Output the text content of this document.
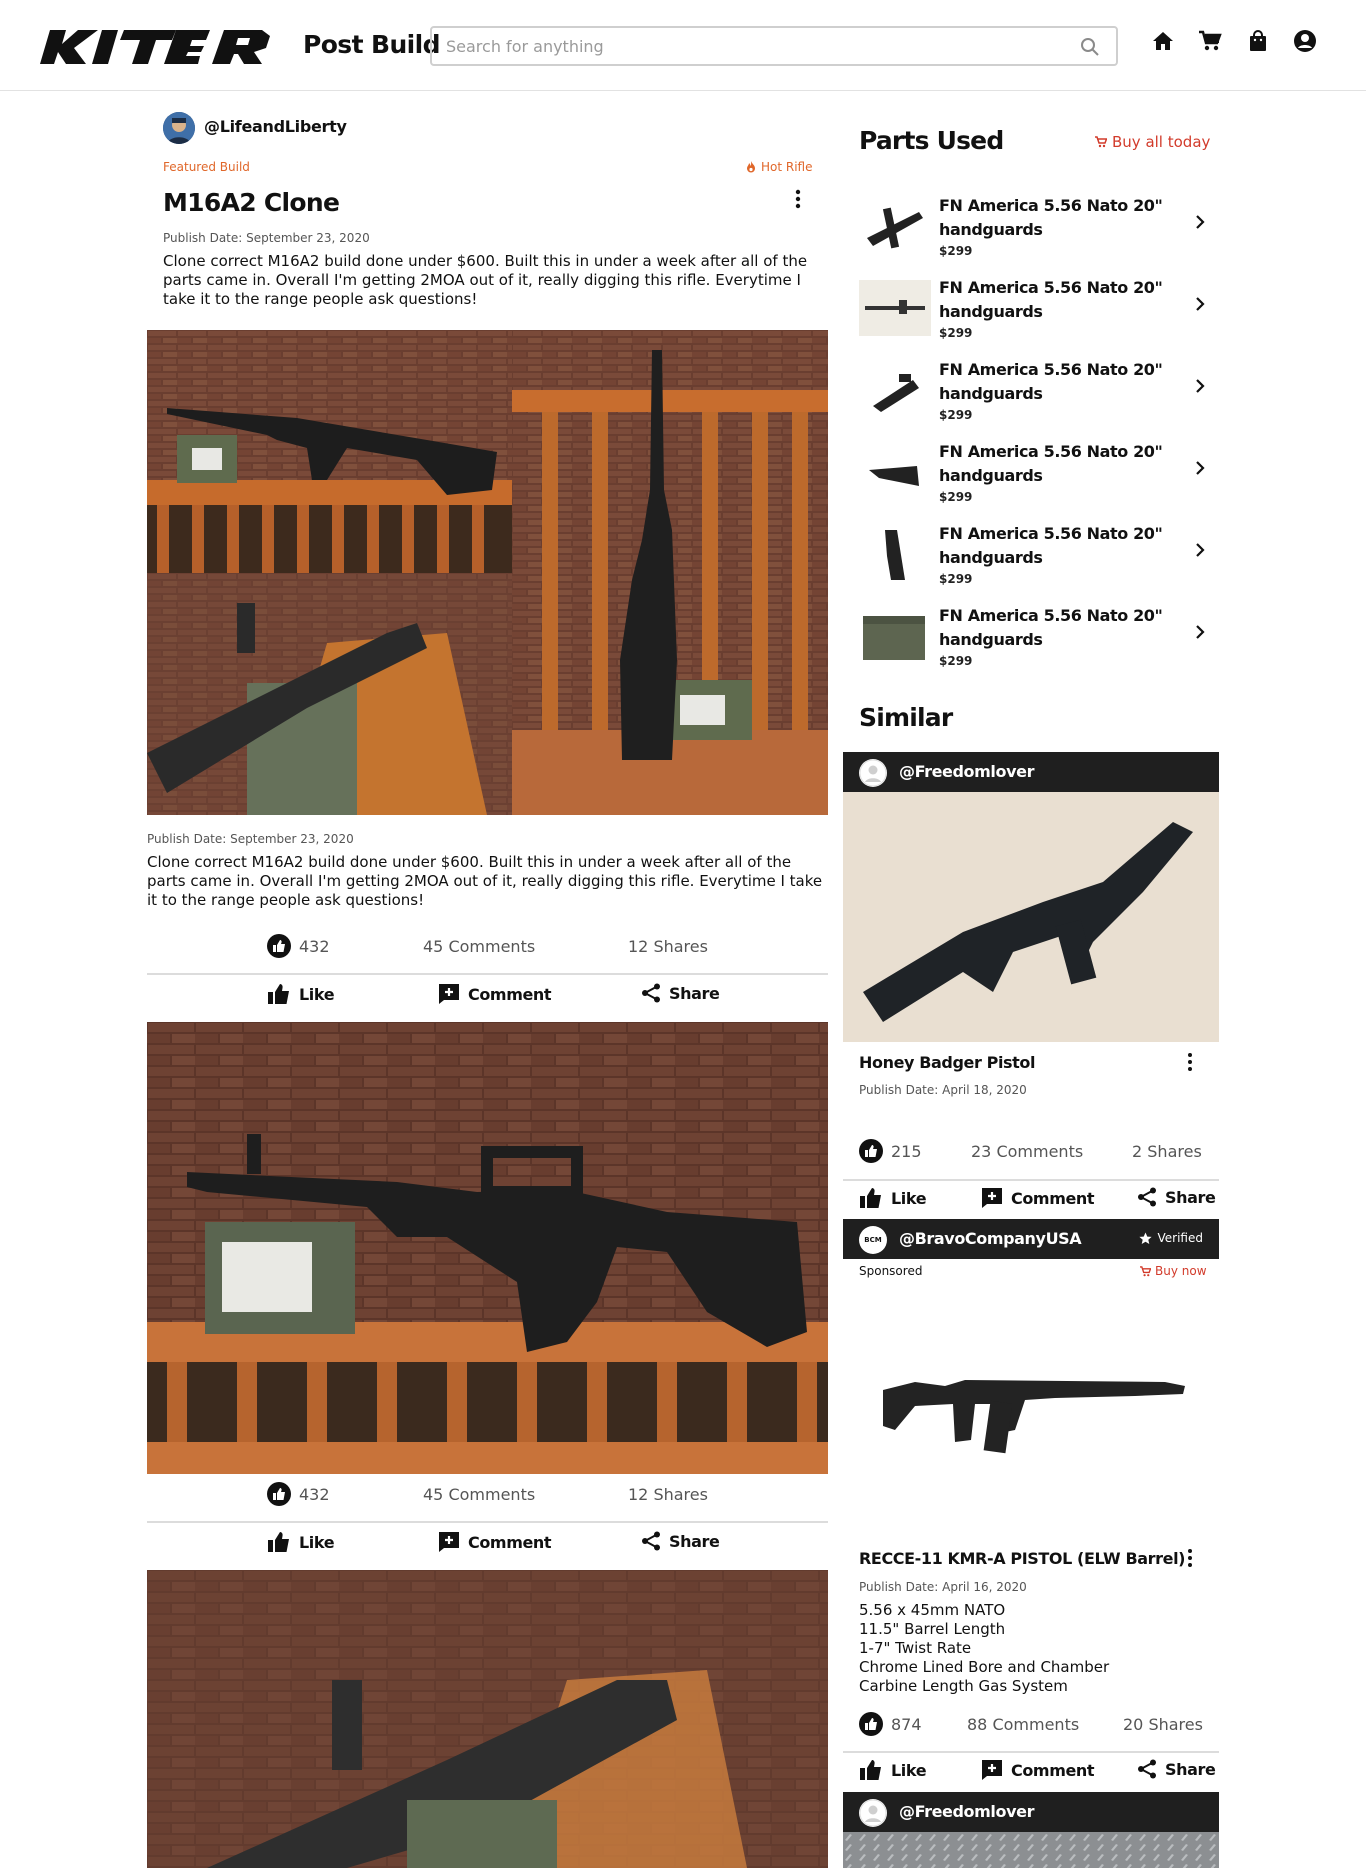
Post Build Search for anything
@LifeandLiberty
Featured Build	Hot Rifle
M16A2 Clone
Publish Date: September 23, 2020
Clone correct M16A2 build done under $600. Built this in under a week after all of the parts came in. Overall I'm getting 2MOA out of it, really digging this rifle. Everytime I take it to the range people ask questions!
Publish Date: September 23, 2020
Clone correct M16A2 build done under $600. Built this in under a week after all of the parts came in. Overall I'm getting 2MOA out of it, really digging this rifle. Everytime I take it to the range people ask questions!
432	45 Comments	12 Shares
Like	Comment	Share
432	45 Comments	12 Shares
Like	Comment	Share
Parts Used	Buy all today
FN America 5.56 Nato 20" handguards
$299
FN America 5.56 Nato 20" handguards
$299
FN America 5.56 Nato 20" handguards
$299
FN America 5.56 Nato 20" handguards
$299
FN America 5.56 Nato 20" handguards
$299
FN America 5.56 Nato 20" handguards
$299
Similar
@Freedomlover
Honey Badger Pistol
Publish Date: April 18, 2020
215	23 Comments	2 Shares
Like	Comment	Share
BCM @BravoCompanyUSA	Verified
Sponsored	Buy now
RECCE-11 KMR-A PISTOL (ELW Barrel)
Publish Date: April 16, 2020
5.56 x 45mm NATO
11.5" Barrel Length
1-7" Twist Rate
Chrome Lined Bore and Chamber
Carbine Length Gas System
874	88 Comments	20 Shares
Like	Comment	Share
@Freedomlover
